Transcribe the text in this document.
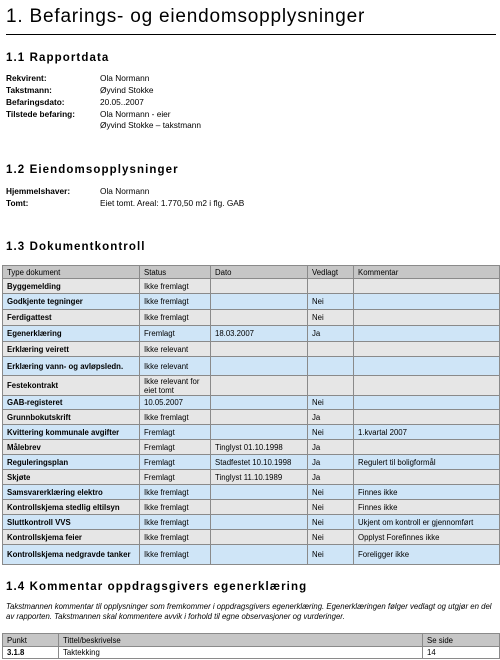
1. Befarings- og eiendomsopplysninger
1.1 Rapportdata
Rekvirent:	Ola Normann
Takstmann:	Øyvind Stokke
Befaringsdato:	20.05..2007
Tilstede befaring:	Ola Normann - eier
Øyvind Stokke – takstmann
1.2 Eiendomsopplysninger
Hjemmelshaver:	Ola Normann
Tomt:	Eiet tomt. Areal: 1.770,50 m2 i flg. GAB
1.3 Dokumentkontroll
Type dokument	Status	Dato	Vedlagt	Kommentar
Byggemelding	Ikke fremlagt			
Godkjente tegninger	Ikke fremlagt		Nei	
Ferdigattest	Ikke fremlagt		Nei	
Egenerklæring	Fremlagt	18.03.2007	Ja	
Erklæring veirett	Ikke relevant			
Erklæring vann- og avløpsledn.	Ikke relevant			
Festekontrakt	Ikke relevant for eiet tomt			
GAB-registeret	10.05.2007		Nei	
Grunnbokutskrift	Ikke fremlagt		Ja	
Kvittering kommunale avgifter	Fremlagt		Nei	1.kvartal 2007
Målebrev	Fremlagt	Tinglyst 01.10.1998	Ja	
Reguleringsplan	Fremlagt	Stadfestet 10.10.1998	Ja	Regulert til boligformål
Skjøte	Fremlagt	Tinglyst 11.10.1989	Ja	
Samsvarerklæring elektro	Ikke fremlagt		Nei	Finnes ikke
Kontrollskjema stedlig eltilsyn	Ikke fremlagt		Nei	Finnes ikke
Sluttkontroll VVS	Ikke fremlagt		Nei	Ukjent om kontroll er gjennomført
Kontrollskjema feier	Ikke fremlagt		Nei	Opplyst Forefinnes ikke
Kontrollskjema nedgravde tanker	Ikke fremlagt		Nei	Foreligger ikke
1.4 Kommentar oppdragsgivers egenerklæring
Takstmannen kommentar til opplysninger som fremkommer i oppdragsgivers egenerklæring. Egenerklæringen følger vedlagt og utgjør en del av rapporten. Takstmannen skal kommentere avvik i forhold til egne observasjoner og vurderinger.
Punkt	Tittel/beskrivelse	Se side
3.1.8	Taktekking	14
